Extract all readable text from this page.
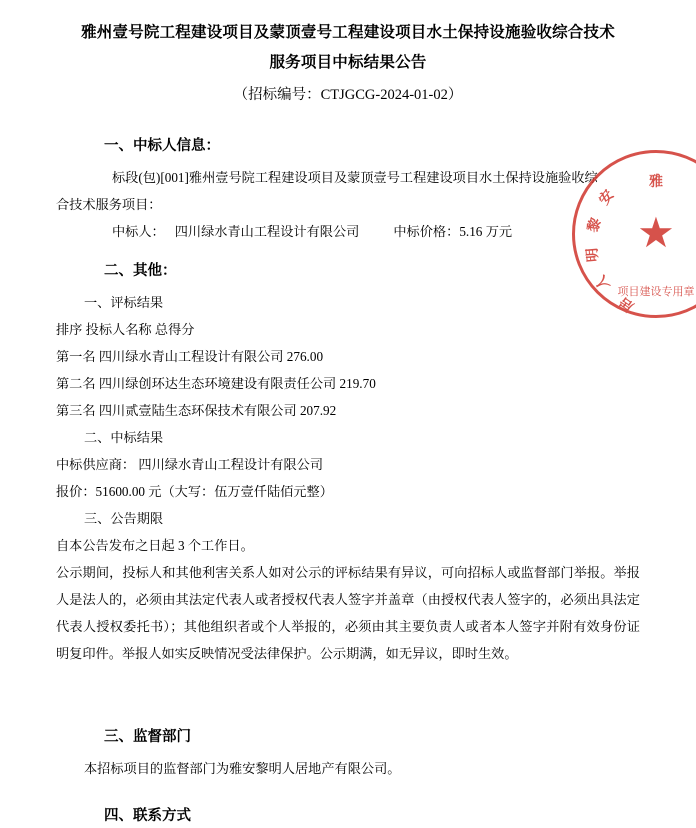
雅
安
黎
明
人
居
★
项目建设专用章
雅州壹号院工程建设项目及蒙顶壹号工程建设项目水土保持设施验收综合技术
服务项目中标结果公告
（招标编号：CTJGCG-2024-01-02）
一、中标人信息：

标段(包)[001]雅州壹号院工程建设项目及蒙顶壹号工程建设项目水土保持设施验收综

合技术服务项目：

中标人： 四川绿水青山工程设计有限公司	中标价格： 5.16 万元
二、其他：

一、评标结果

排序 投标人名称 总得分

第一名 四川绿水青山工程设计有限公司 276.00

第二名 四川绿创环达生态环境建设有限责任公司 219.70

第三名 四川贰壹陆生态环保技术有限公司 207.92

二、中标结果

中标供应商： 四川绿水青山工程设计有限公司

报价：51600.00 元（大写：伍万壹仟陆佰元整）

三、公告期限

自本公告发布之日起 3 个工作日。

公示期间，投标人和其他利害关系人如对公示的评标结果有异议，可向招标人或监督部门举报。举报人是法人的，必须由其法定代表人或者授权代表人签字并盖章（由授权代表人签字的，必须出具法定代表人授权委托书）；其他组织者或个人举报的，必须由其主要负责人或者本人签字并附有效身份证明复印件。举报人如实反映情况受法律保护。公示期满，如无异议，即时生效。

三、监督部门

本招标项目的监督部门为雅安黎明人居地产有限公司。

四、联系方式
